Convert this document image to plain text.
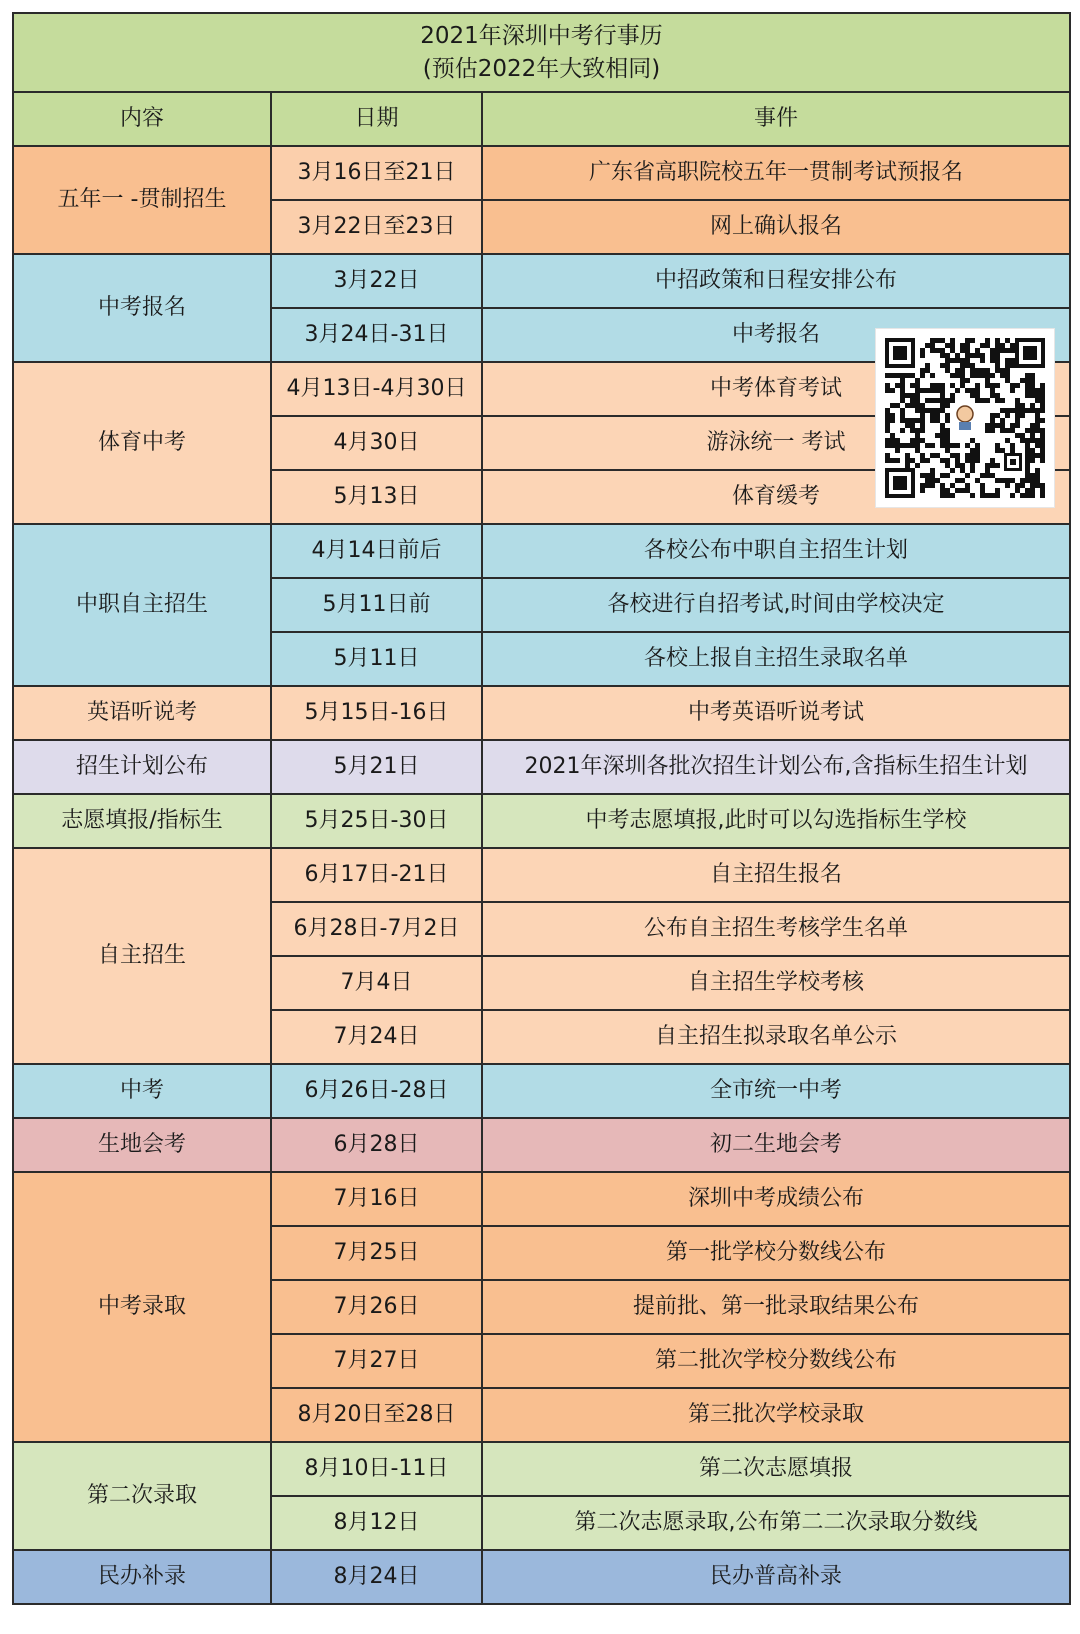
2021年深圳中考行事历
(预估2022年大致相同)		

内容	日期	事件
五年一 -贯制招生	3月16日至21日	广东省高职院校五年一贯制考试预报名
	3月22日至23日	网上确认报名
中考报名	3月22日	中招政策和日程安排公布
	3月24日-31日	中考报名
体育中考	4月13日-4月30日	中考体育考试
	4月30日	游泳统一 考试
	5月13日	体育缓考
中职自主招生	4月14日前后	各校公布中职自主招生计划
	5月11日前	各校进行自招考试,时间由学校决定
	5月11日	各校上报自主招生录取名单
英语听说考	5月15日-16日	中考英语听说考试
招生计划公布	5月21日	2021年深圳各批次招生计划公布,含指标生招生计划
志愿填报/指标生	5月25日-30日	中考志愿填报,此时可以勾选指标生学校
自主招生	6月17日-21日	自主招生报名
	6月28日-7月2日	公布自主招生考核学生名单
	7月4日	自主招生学校考核
	7月24日	自主招生拟录取名单公示
中考	6月26日-28日	全市统一中考
生地会考	6月28日	初二生地会考
中考录取	7月16日	深圳中考成绩公布
	7月25日	第一批学校分数线公布
	7月26日	提前批、第一批录取结果公布
	7月27日	第二批次学校分数线公布
	8月20日至28日	第三批次学校录取
第二次录取	8月10日-11日	第二次志愿填报
	8月12日	第二次志愿录取,公布第二二次录取分数线
民办补录	8月24日	民办普高补录
